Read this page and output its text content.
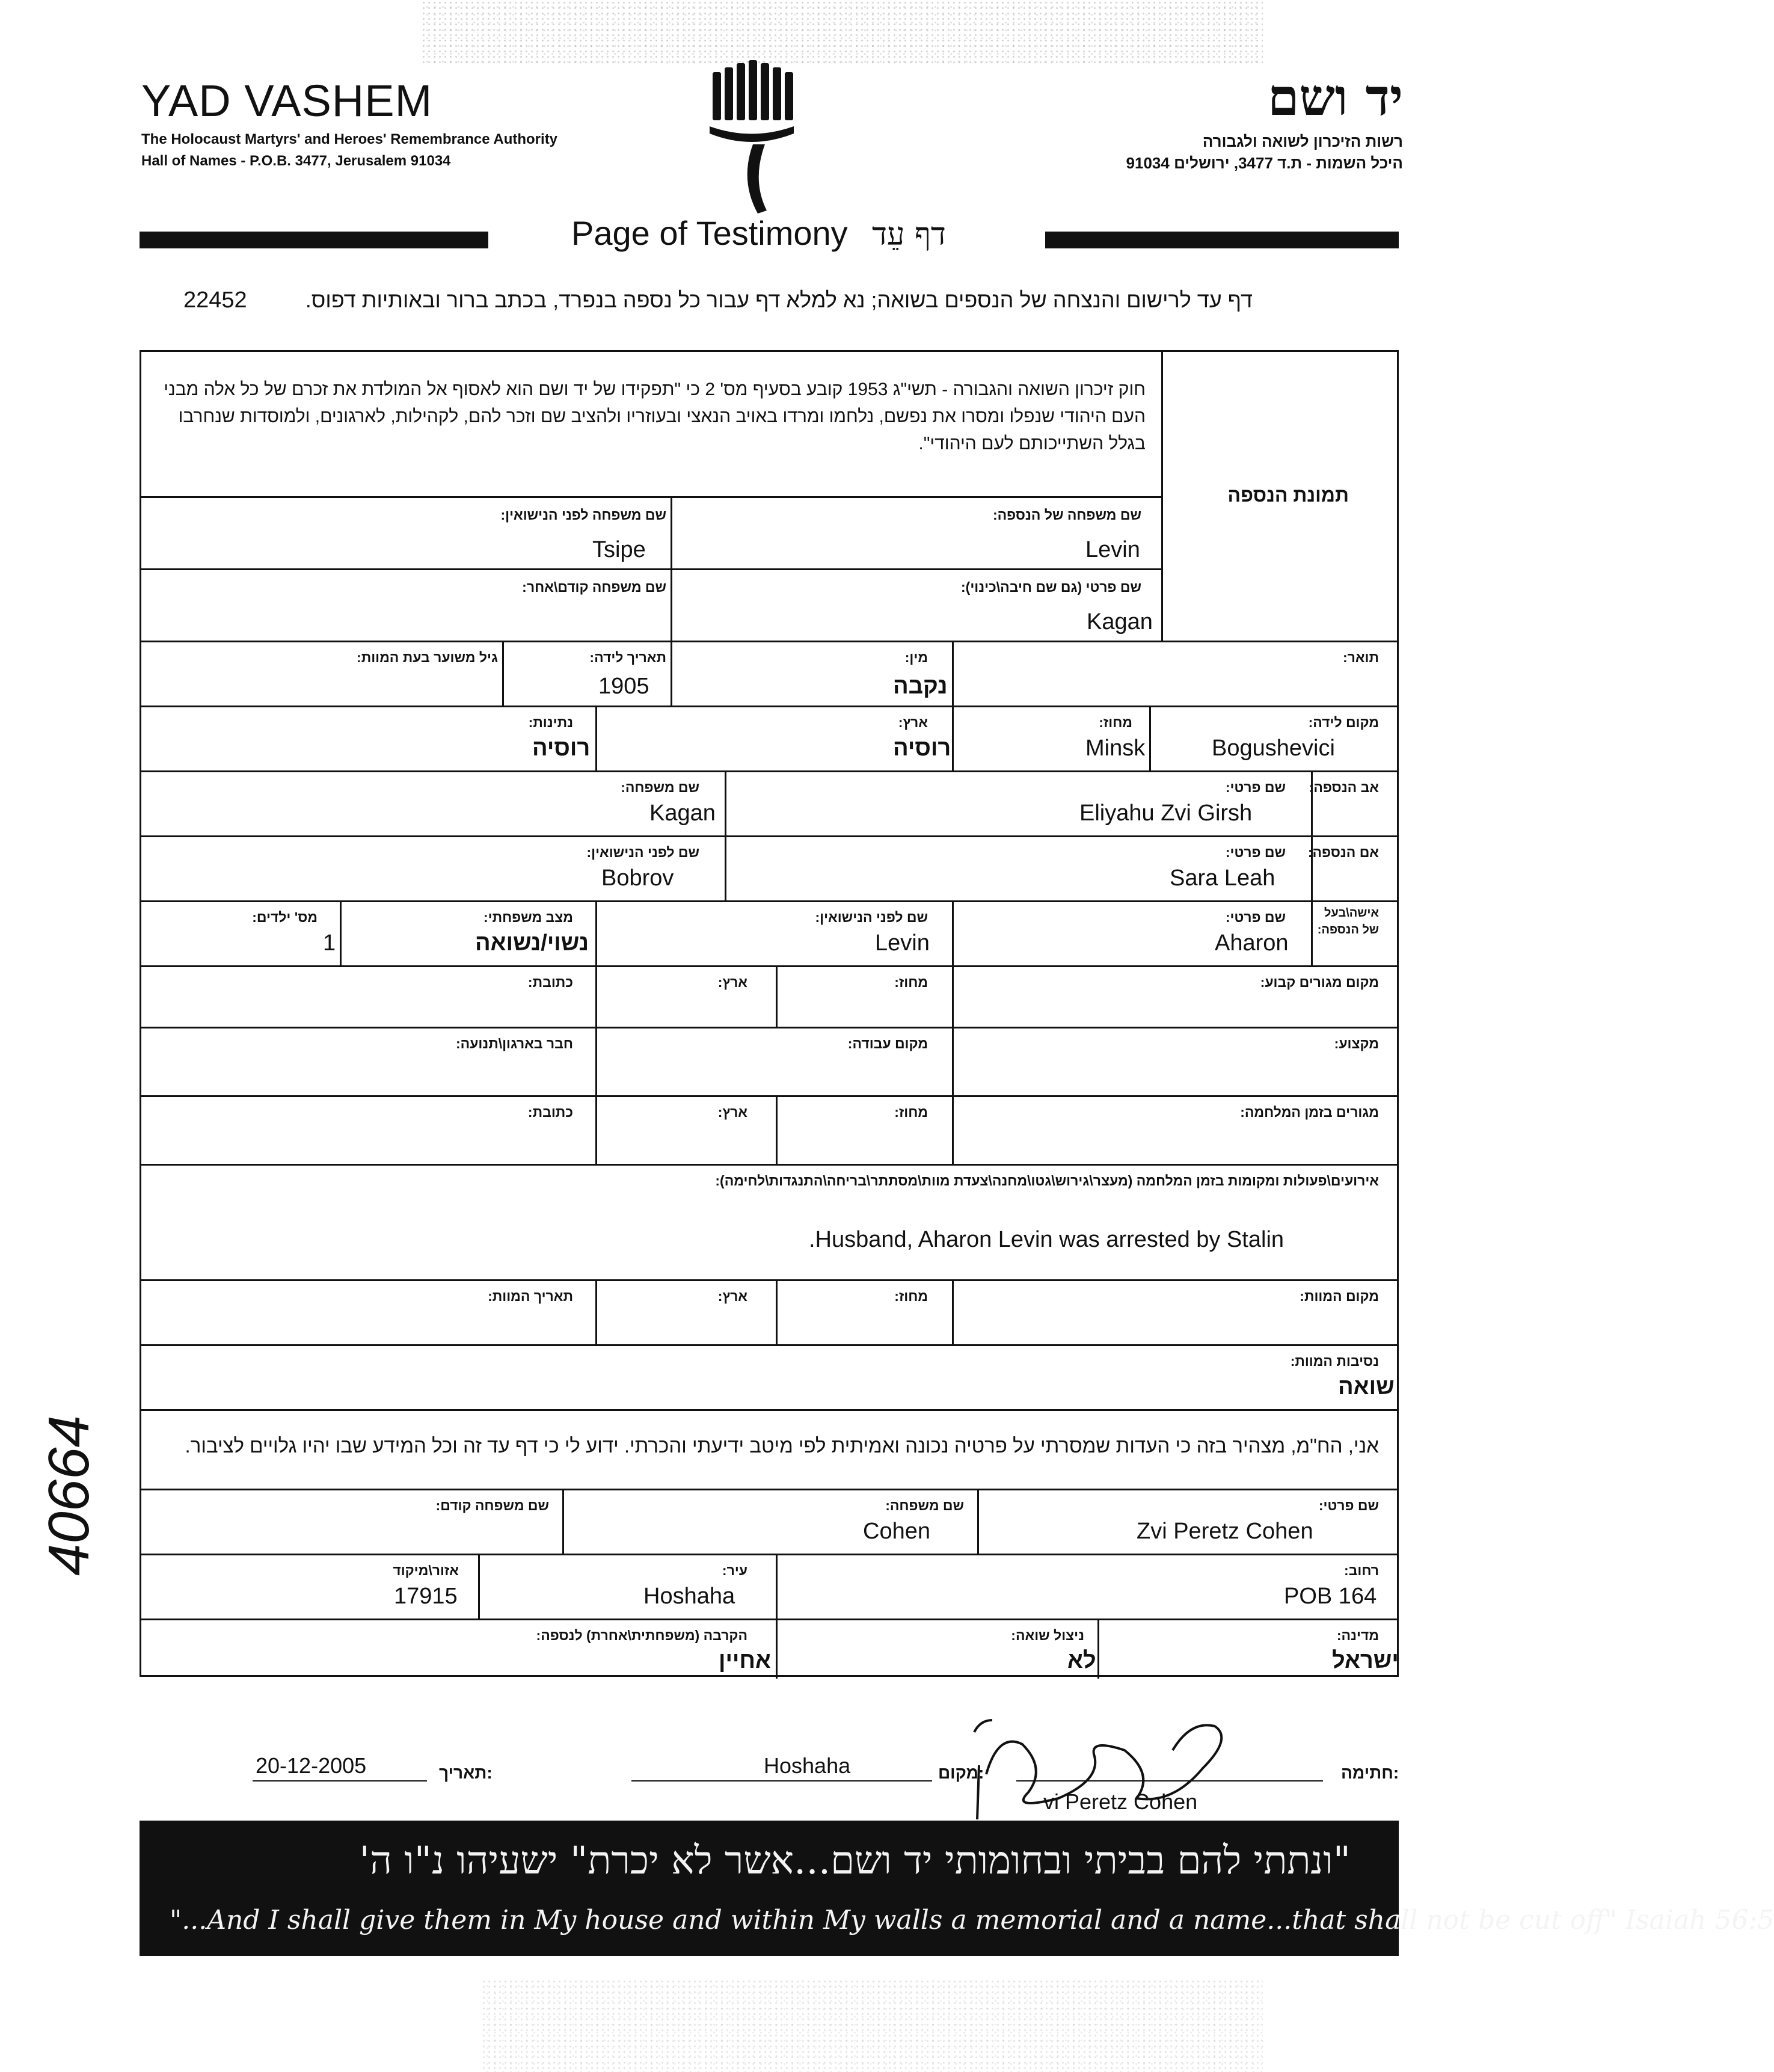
YAD VASHEM
The Holocaust Martyrs' and Heroes' Remembrance Authority
Hall of Names - P.O.B. 3477, Jerusalem 91034
יד ושם
רשות הזיכרון לשואה ולגבורה
היכל השמות - ת.ד 3477, ירושלים 91034
Page of Testimony דף עֵד
דף עד לרישום והנצחה של הנספים בשואה; נא למלא דף עבור כל נספה בנפרד, בכתב ברור ובאותיות דפוס.
22452
שם משפחה של הנספה:
Levin
שם משפחה לפני הנישואין:
Tsipe
שם פרטי (גם שם חיבה\כינוי):
Kagan
שם משפחה קודם\אחר:
תמונת הנספה
חוק זיכרון השואה והגבורה - תשי"ג 1953 קובע בסעיף מס' 2 כי "תפקידו של יד ושם הוא לאסוף אל המולדת את זכרם של כל אלה מבני העם היהודי שנפלו ומסרו את נפשם, נלחמו ומרדו באויב הנאצי ובעוזריו ולהציב שם וזכר להם, לקהילות, לארגונים, ולמוסדות שנחרבו בגלל השתייכותם לעם היהודי".
תואר:
מין:
נקבה
תאריך לידה:
1905
גיל משוער בעת המוות:
מקום לידה:
Bogushevici
מחוז:
Minsk
ארץ:
רוסיה
נתינות:
רוסיה
אב הנספה:
שם פרטי:
Eliyahu Zvi Girsh
שם משפחה:
Kagan
אם הנספה:
שם פרטי:
Sara Leah
שם לפני הנישואין:
Bobrov
אישה\בעל
של הנספה:
שם פרטי:
Aharon
שם לפני הנישואין:
Levin
מצב משפחתי:
נשוי/נשואה
מס' ילדים:
1
מקום מגורים קבוע:
מחוז:
ארץ:
כתובת:
מקצוע:
מקום עבודה:
חבר בארגון\תנועה:
מגורים בזמן המלחמה:
מחוז:
ארץ:
כתובת:
אירועים\פעולות ומקומות בזמן המלחמה (מעצר\גירוש\גטו\מחנה\צעדת מוות\מסתתר\בריחה\התנגדות\לחימה):
.Husband, Aharon Levin was arrested by Stalin
מקום המוות:
מחוז:
ארץ:
תאריך המוות:
נסיבות המוות:
שואה
אני, הח"מ, מצהיר בזה כי העדות שמסרתי על פרטיה נכונה ואמיתית לפי מיטב ידיעתי והכרתי. ידוע לי כי דף עד זה וכל המידע שבו יהיו גלויים לציבור.
שם פרטי:
Zvi Peretz Cohen
שם משפחה:
Cohen
שם משפחה קודם:
רחוב:
POB 164
עיר:
Hoshaha
אזור\מיקוד
17915
מדינה:
ישראל
ניצול שואה:
לא
הקרבה (משפחתית\אחרת) לנספה:
אחיין
חתימה:
vi Peretz Cohen
מקום:
Hoshaha
תאריך:
20-12-2005
"ונתתי להם בביתי ובחומותי יד ושם...אשר לא יכרת" ישעיהו נ"ו ה'
"...And I shall give them in My house and within My walls a memorial and a name...that shall not be cut off" Isaiah 56:5
40664
